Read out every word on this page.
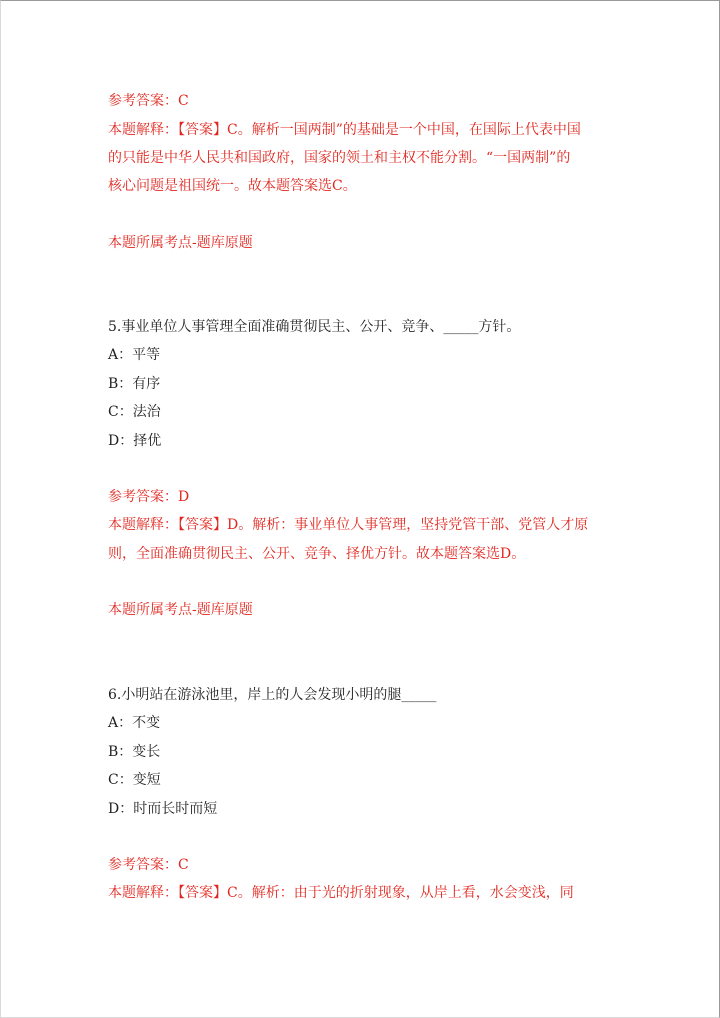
参考答案：C
本题解释：【答案】C。解析一国两制”的基础是一个中国，在国际上代表中国
的只能是中华人民共和国政府，国家的领土和主权不能分割。“一国两制”的
核心问题是祖国统一。故本题答案选C。
本题所属考点-题库原题
5.事业单位人事管理全面准确贯彻民主、公开、竞争、_____方针。
A：平等
B：有序
C：法治
D：择优
参考答案：D
本题解释：【答案】D。解析：事业单位人事管理，坚持党管干部、党管人才原
则，全面准确贯彻民主、公开、竞争、择优方针。故本题答案选D。
本题所属考点-题库原题
6.小明站在游泳池里，岸上的人会发现小明的腿_____
A：不变
B：变长
C：变短
D：时而长时而短
参考答案：C
本题解释：【答案】C。解析：由于光的折射现象，从岸上看，水会变浅，同
